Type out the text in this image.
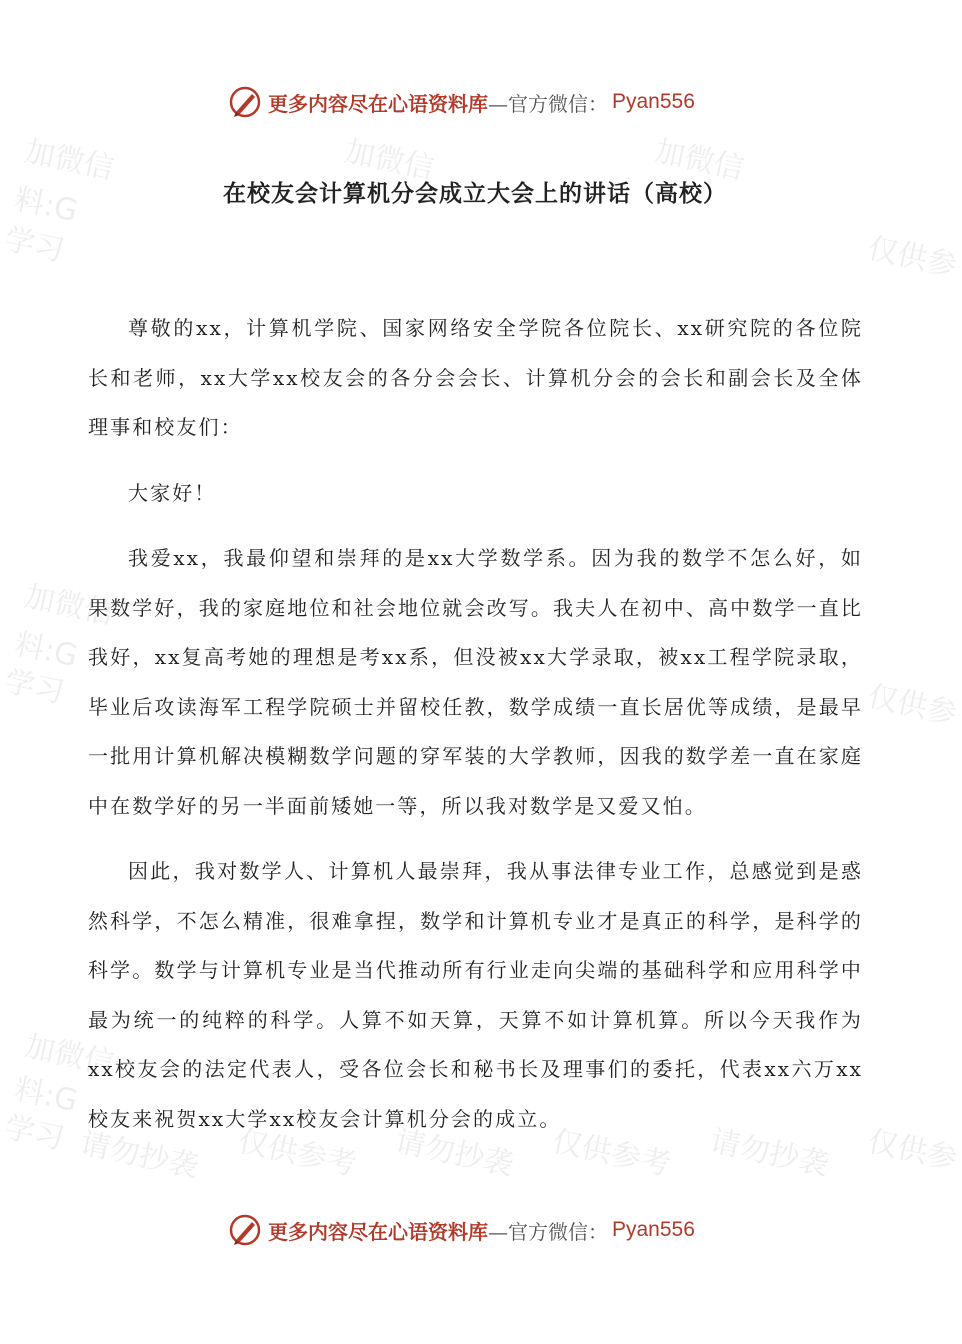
加微信	加微信	加微信
料:G
学习	仅供参
加微信
料:G
学习	仅供参
加微信
料:G
学习 请勿抄袭 仅供参考 请勿抄袭 仅供参考 请勿抄袭 仅供参
更多内容尽在心语资料库 —官方微信： Pyan556
在校友会计算机分会成立大会上的讲话（高校）

尊敬的xx，计算机学院、国家网络安全学院各位院长、xx研究院的各位院长和老师，xx大学xx校友会的各分会会长、计算机分会的会长和副会长及全体理事和校友们：

大家好！

我爱xx，我最仰望和崇拜的是xx大学数学系。因为我的数学不怎么好，如果数学好，我的家庭地位和社会地位就会改写。我夫人在初中、高中数学一直比我好，xx复高考她的理想是考xx系，但没被xx大学录取，被xx工程学院录取，毕业后攻读海军工程学院硕士并留校任教，数学成绩一直长居优等成绩，是最早一批用计算机解决模糊数学问题的穿军装的大学教师，因我的数学差一直在家庭中在数学好的另一半面前矮她一等，所以我对数学是又爱又怕。

因此，我对数学人、计算机人最崇拜，我从事法律专业工作，总感觉到是惑然科学，不怎么精准，很难拿捏，数学和计算机专业才是真正的科学，是科学的科学。数学与计算机专业是当代推动所有行业走向尖端的基础科学和应用科学中最为统一的纯粹的科学。人算不如天算，天算不如计算机算。所以今天我作为xx校友会的法定代表人，受各位会长和秘书长及理事们的委托，代表xx六万xx校友来祝贺xx大学xx校友会计算机分会的成立。

更多内容尽在心语资料库 —官方微信： Pyan556
